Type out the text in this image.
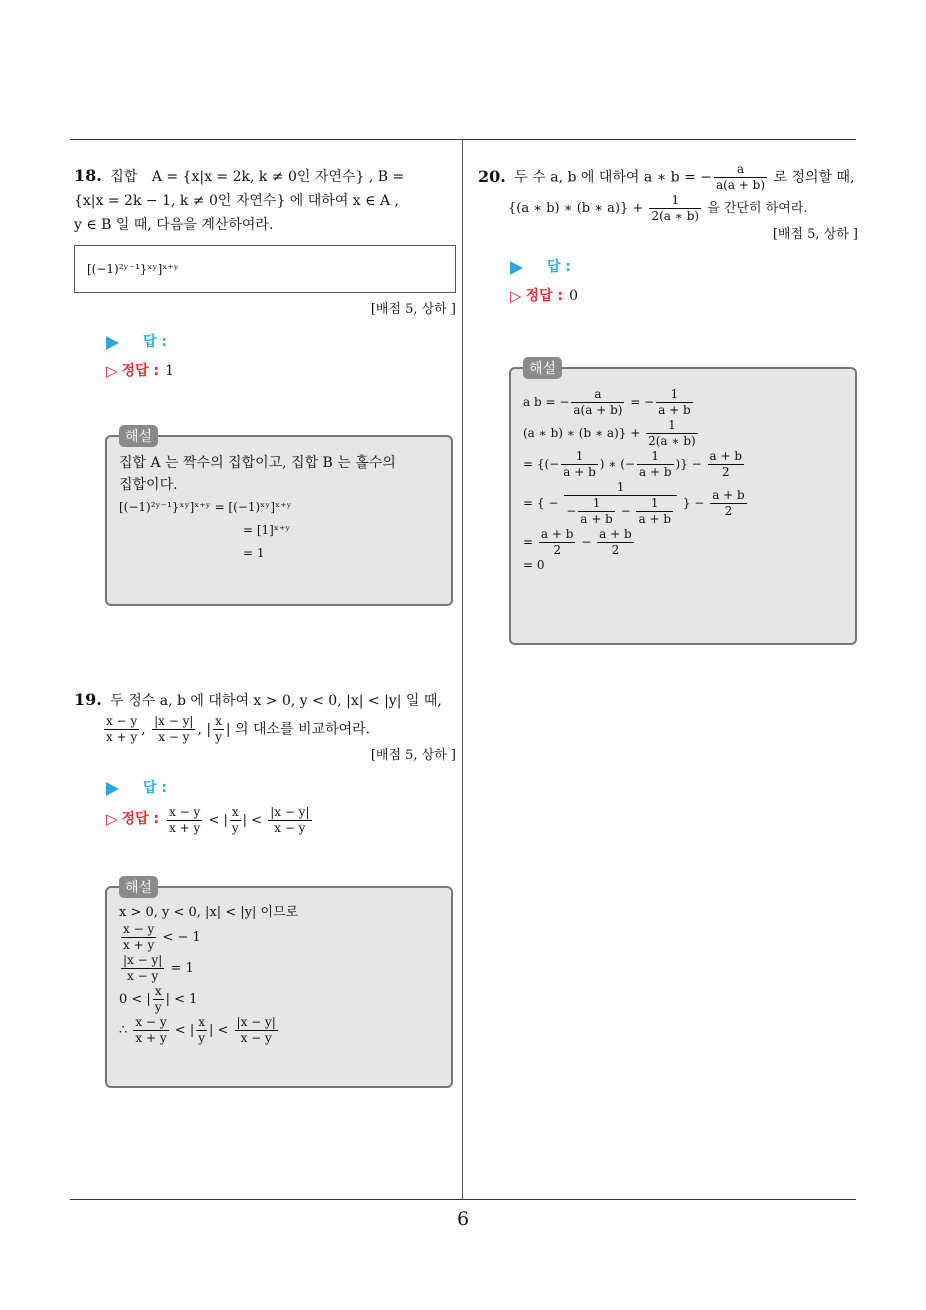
18. 집합 A = {x|x = 2k, k ≠ 0인 자연수} , B =
{x|x = 2k − 1, k ≠ 0인 자연수} 에 대하여 x ∈ A ,
y ∈ B 일 때, 다음을 계산하여라.
[(−1)²ʸ⁻¹}ˣʸ]ˣ⁺ʸ
[배점 5, 상하 ]
답 :
▷ 정답 : 1
해설
집합 A 는 짝수의 집합이고, 집합 B 는 홀수의
집합이다.
[(−1)²ʸ⁻¹}ˣʸ]ˣ⁺ʸ = [(−1)ˣʸ]ˣ⁺ʸ
= [1]ˣ⁺ʸ
= 1
19. 두 정수 a, b 에 대하여 x > 0, y < 0, |x| < |y| 일 때,
$\frac{x - y}{x + y}$ , $\frac{|x - y|}{x - y}$ , | $\frac{x}{y}$ | 의 대소를 비교하여라.
[배점 5, 상하 ]
답 :
▷ 정답 : $\frac{x - y}{x + y}$ < | $\frac{x}{y}$ | < $\frac{|x - y|}{x - y}$
해설
x > 0, y < 0, |x| < |y| 이므로
$\frac{x - y}{x + y}$ < − 1
$\frac{|x - y|}{x - y} = 1$
0 < | $\frac{x}{y}$ | < 1
∴ $\frac{x - y}{x + y}$ < | $\frac{x}{y}$ | < $\frac{|x - y|}{x - y}$
20. 두 수 a, b 에 대하여 a ∗ b = − $\frac{a}{a(a + b)}$ 로 정의할 때,
{(a ∗ b) ∗ (b ∗ $a)\} + \frac{1}{2(a ∗ b)}$ 을 간단히 하여라.
[배점 5, 상하 ]
답 :
▷ 정답 : 0
해설
a b = − $\frac{a}{a(a + b)}$ = − $\frac{1}{a + b}$
(a ∗ b) ∗ (b ∗ $a)\} + \frac{1}{2(a ∗ b)}$
= {(− $\frac{1}{a + b}$ ) ∗ (− $\frac{1}{a + b}$ )} − $\frac{a + b}{2}$
= { − $\frac{1}{- \frac{1}{a + b} - \frac{1}{a + b}}$ } − $\frac{a + b}{2}$
= $\frac{a + b}{2} - \frac{a + b}{2}$
= 0
6
